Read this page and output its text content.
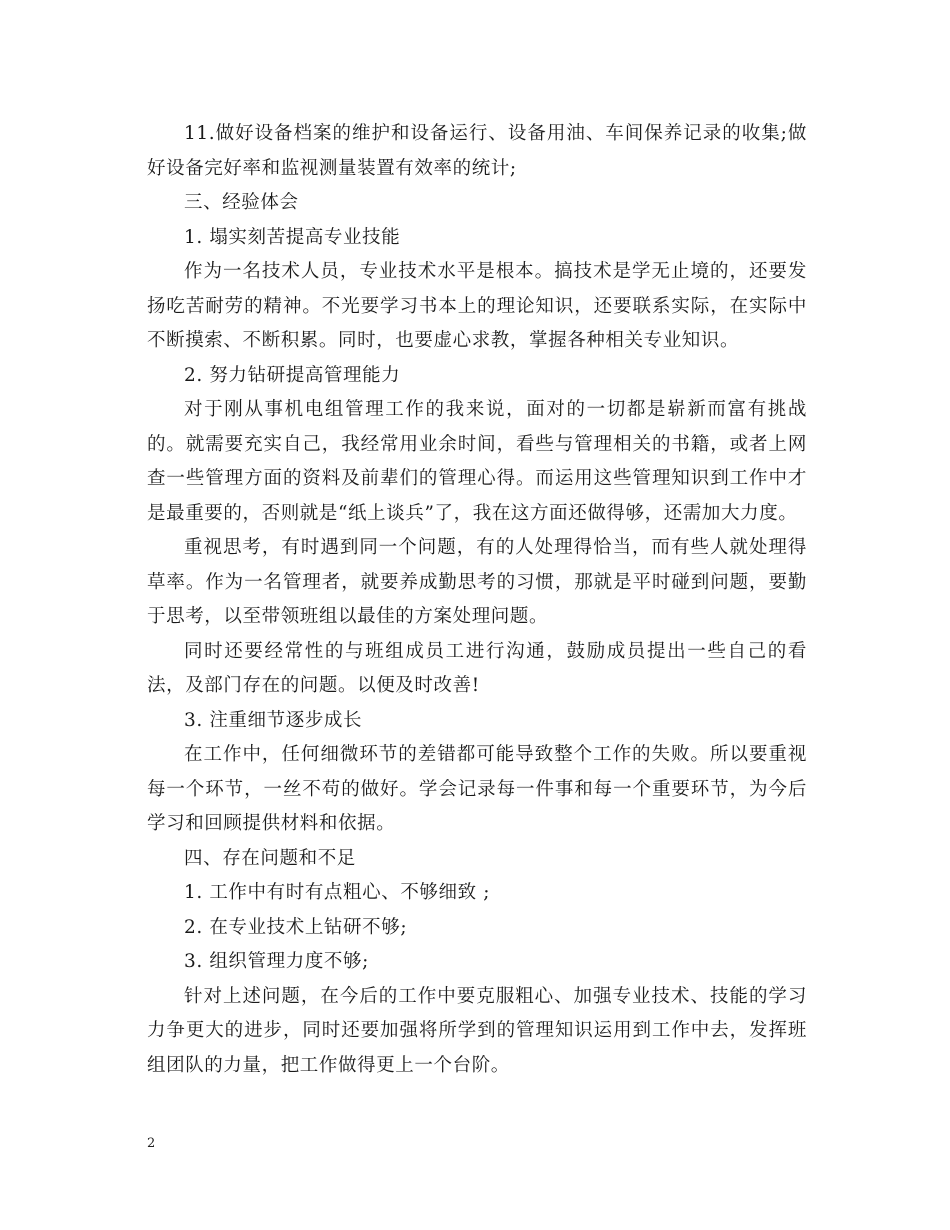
11.做好设备档案的维护和设备运行、设备用油、车间保养记录的收集;做好设备完好率和监视测量装置有效率的统计;

三、经验体会

1. 塌实刻苦提高专业技能

作为一名技术人员，专业技术水平是根本。搞技术是学无止境的，还要发扬吃苦耐劳的精神。不光要学习书本上的理论知识，还要联系实际，在实际中不断摸索、不断积累。同时，也要虚心求教，掌握各种相关专业知识。

2. 努力钻研提高管理能力

对于刚从事机电组管理工作的我来说，面对的一切都是崭新而富有挑战的。就需要充实自己，我经常用业余时间，看些与管理相关的书籍，或者上网查一些管理方面的资料及前辈们的管理心得。而运用这些管理知识到工作中才是最重要的，否则就是“纸上谈兵”了，我在这方面还做得够，还需加大力度。

重视思考，有时遇到同一个问题，有的人处理得恰当，而有些人就处理得草率。作为一名管理者，就要养成勤思考的习惯，那就是平时碰到问题，要勤于思考，以至带领班组以最佳的方案处理问题。

同时还要经常性的与班组成员工进行沟通，鼓励成员提出一些自己的看法，及部门存在的问题。以便及时改善!

3. 注重细节逐步成长

在工作中，任何细微环节的差错都可能导致整个工作的失败。所以要重视每一个环节，一丝不苟的做好。学会记录每一件事和每一个重要环节，为今后学习和回顾提供材料和依据。

四、存在问题和不足

1. 工作中有时有点粗心、不够细致 ;

2. 在专业技术上钻研不够;

3. 组织管理力度不够;

针对上述问题，在今后的工作中要克服粗心、加强专业技术、技能的学习力争更大的进步，同时还要加强将所学到的管理知识运用到工作中去，发挥班组团队的力量，把工作做得更上一个台阶。

2
